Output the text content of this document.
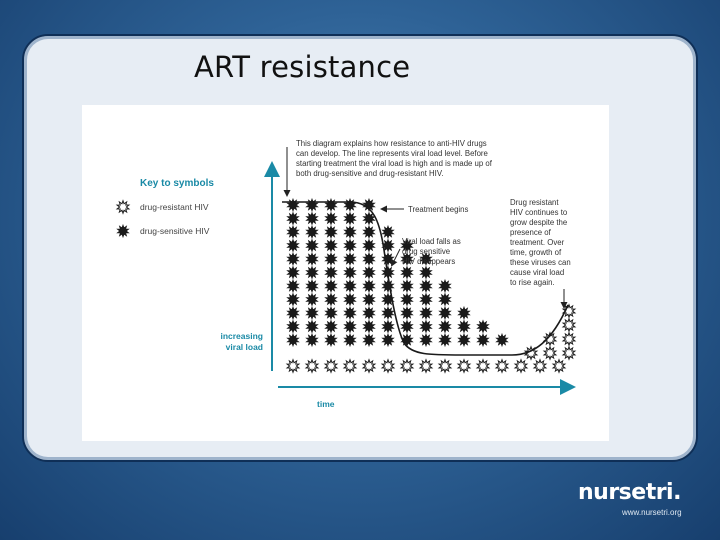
ART resistance
This diagram explains how resistance to anti-HIV drugs
can develop. The line represents viral load level. Before
starting treatment the viral load is high and is made up of
both drug-sensitive and drug-resistant HIV.
Key to symbols
drug-resistant HIV
drug-sensitive HIV
increasing
viral load
time
Treatment begins
Viral load falls as
drug sensitive
HIV disappears
Drug resistant
HIV continues to
grow despite the
presence of
treatment. Over
time, growth of
these viruses can
cause viral load
to rise again.
nursetri.
www.nursetri.org
